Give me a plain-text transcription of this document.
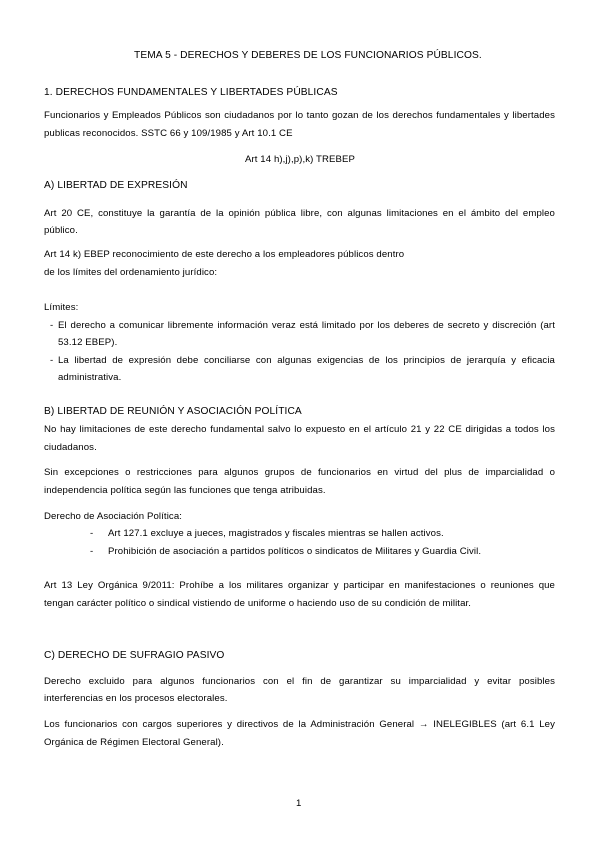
TEMA 5 - DERECHOS Y DEBERES DE LOS FUNCIONARIOS PÚBLICOS.

1. DERECHOS FUNDAMENTALES Y LIBERTADES PÚBLICAS

Funcionarios y Empleados Públicos son ciudadanos por lo tanto gozan de los derechos fundamentales y libertades

publicas reconocidos. SSTC 66 y 109/1985 y Art 10.1 CE

Art 14 h),j),p),k) TREBEP

A) LIBERTAD DE EXPRESIÓN

Art 20 CE, constituye la garantía de la opinión pública libre, con algunas limitaciones en el ámbito del empleo

público.

Art 14 k) EBEP reconocimiento de este derecho a los empleadores públicos dentro

de los límites del ordenamiento jurídico:

Límites:

- El derecho a comunicar libremente información veraz está limitado por los deberes de secreto y discreción (art

53.12 EBEP).

- La libertad de expresión debe conciliarse con algunas exigencias de los principios de jerarquía y eficacia

administrativa.

B) LIBERTAD DE REUNIÓN Y ASOCIACIÓN POLÍTICA

No hay limitaciones de este derecho fundamental salvo lo expuesto en el artículo 21 y 22 CE dirigidas a todos los

ciudadanos.

Sin excepciones o restricciones para algunos grupos de funcionarios en virtud del plus de imparcialidad o

independencia política según las funciones que tenga atribuidas.

Derecho de Asociación Política:

- Art 127.1 excluye a jueces, magistrados y fiscales mientras se hallen activos.

- Prohibición de asociación a partidos políticos o sindicatos de Militares y Guardia Civil.

Art 13 Ley Orgánica 9/2011: Prohíbe a los militares organizar y participar en manifestaciones o reuniones que

tengan carácter político o sindical vistiendo de uniforme o haciendo uso de su condición de militar.

C) DERECHO DE SUFRAGIO PASIVO

Derecho excluido para algunos funcionarios con el fin de garantizar su imparcialidad y evitar posibles

interferencias en los procesos electorales.

Los funcionarios con cargos superiores y directivos de la Administración General → INELEGIBLES (art 6.1 Ley

Orgánica de Régimen Electoral General).

1
